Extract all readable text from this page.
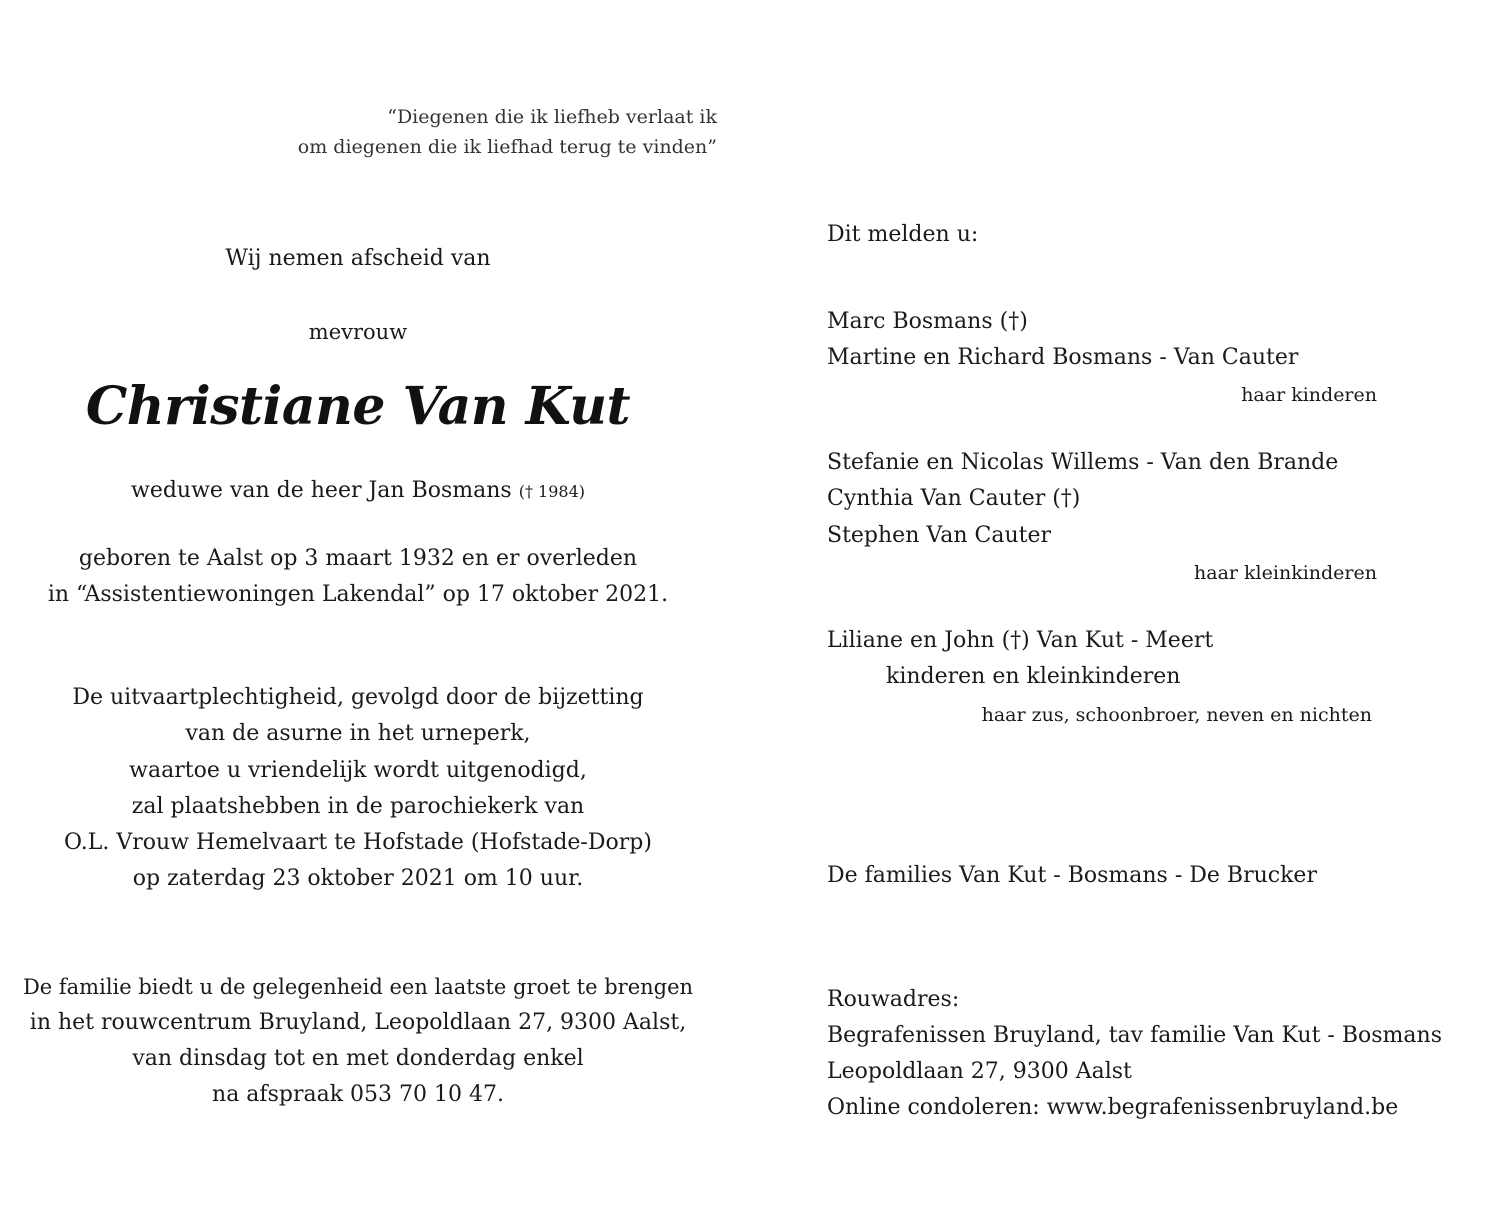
“Diegenen die ik liefheb verlaat ik
om diegenen die ik liefhad terug te vinden”
Wij nemen afscheid van
mevrouw
Christiane Van Kut
weduwe van de heer Jan Bosmans († 1984)
geboren te Aalst op 3 maart 1932 en er overleden
in “Assistentiewoningen Lakendal” op 17 oktober 2021.
De uitvaartplechtigheid, gevolgd door de bijzetting
van de asurne in het urneperk,
waartoe u vriendelijk wordt uitgenodigd,
zal plaatshebben in de parochiekerk van
O.L. Vrouw Hemelvaart te Hofstade (Hofstade-Dorp)
op zaterdag 23 oktober 2021 om 10 uur.
De familie biedt u de gelegenheid een laatste groet te brengen
in het rouwcentrum Bruyland, Leopoldlaan 27, 9300 Aalst,
van dinsdag tot en met donderdag enkel
na afspraak 053 70 10 47.
Dit melden u:
Marc Bosmans (†)
Martine en Richard Bosmans - Van Cauter
haar kinderen
Stefanie en Nicolas Willems - Van den Brande
Cynthia Van Cauter (†)
Stephen Van Cauter
haar kleinkinderen
Liliane en John (†) Van Kut - Meert
kinderen en kleinkinderen
haar zus, schoonbroer, neven en nichten
De families Van Kut - Bosmans - De Brucker
Rouwadres:
Begrafenissen Bruyland, tav familie Van Kut - Bosmans
Leopoldlaan 27, 9300 Aalst
Online condoleren: www.begrafenissenbruyland.be
